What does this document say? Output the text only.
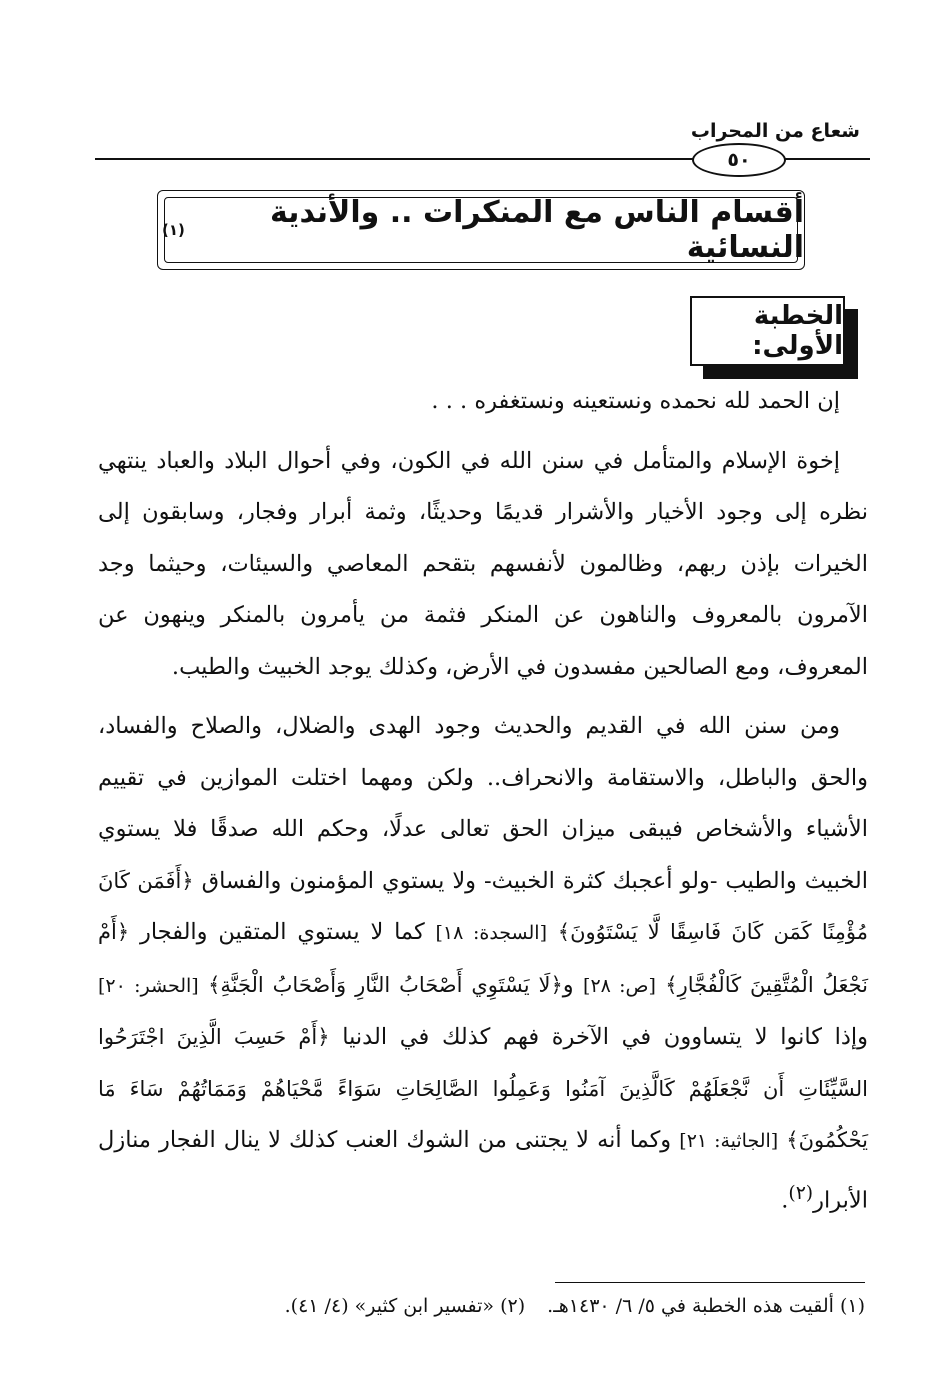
شعاع من المحراب
٥٠
أقسام الناس مع المنكرات .. والأندية النسائية
(١)
الخطبة الأولى:

إن الحمد لله نحمده ونستعينه ونستغفره . . .

إخوة الإسلام والمتأمل في سنن الله في الكون، وفي أحوال البلاد والعباد ينتهي نظره إلى وجود الأخيار والأشرار قديمًا وحديثًا، وثمة أبرار وفجار، وسابقون إلى الخيرات بإذن ربهم، وظالمون لأنفسهم بتقحم المعاصي والسيئات، وحيثما وجد الآمرون بالمعروف والناهون عن المنكر فثمة من يأمرون بالمنكر وينهون عن المعروف، ومع الصالحين مفسدون في الأرض، وكذلك يوجد الخبيث والطيب.

ومن سنن الله في القديم والحديث وجود الهدى والضلال، والصلاح والفساد، والحق والباطل، والاستقامة والانحراف.. ولكن ومهما اختلت الموازين في تقييم الأشياء والأشخاص فيبقى ميزان الحق تعالى عدلًا، وحكم الله صدقًا فلا يستوي الخبيث والطيب -ولو أعجبك كثرة الخبيث- ولا يستوي المؤمنون والفساق ﴿أَفَمَن كَانَ مُؤْمِنًا كَمَن كَانَ فَاسِقًا لَّا يَسْتَوُونَ﴾ [السجدة: ١٨] كما لا يستوي المتقين والفجار ﴿أَمْ نَجْعَلُ الْمُتَّقِينَ كَالْفُجَّارِ﴾ [ص: ٢٨] و﴿لَا يَسْتَوِي أَصْحَابُ النَّارِ وَأَصْحَابُ الْجَنَّةِ﴾ [الحشر: ٢٠] وإذا كانوا لا يتساوون في الآخرة فهم كذلك في الدنيا ﴿أَمْ حَسِبَ الَّذِينَ اجْتَرَحُوا السَّيِّئَاتِ أَن نَّجْعَلَهُمْ كَالَّذِينَ آمَنُوا وَعَمِلُوا الصَّالِحَاتِ سَوَاءً مَّحْيَاهُمْ وَمَمَاتُهُمْ سَاءَ مَا يَحْكُمُونَ﴾ [الجاثية: ٢١] وكما أنه لا يجتنى من الشوك العنب كذلك لا ينال الفجار منازل الأبرار$^{(٢)}$.

(١) ألقيت هذه الخطبة في ٥/ ٦/ ١٤٣٠هـ.(٢) «تفسير ابن كثير» (٤/ ٤١).
